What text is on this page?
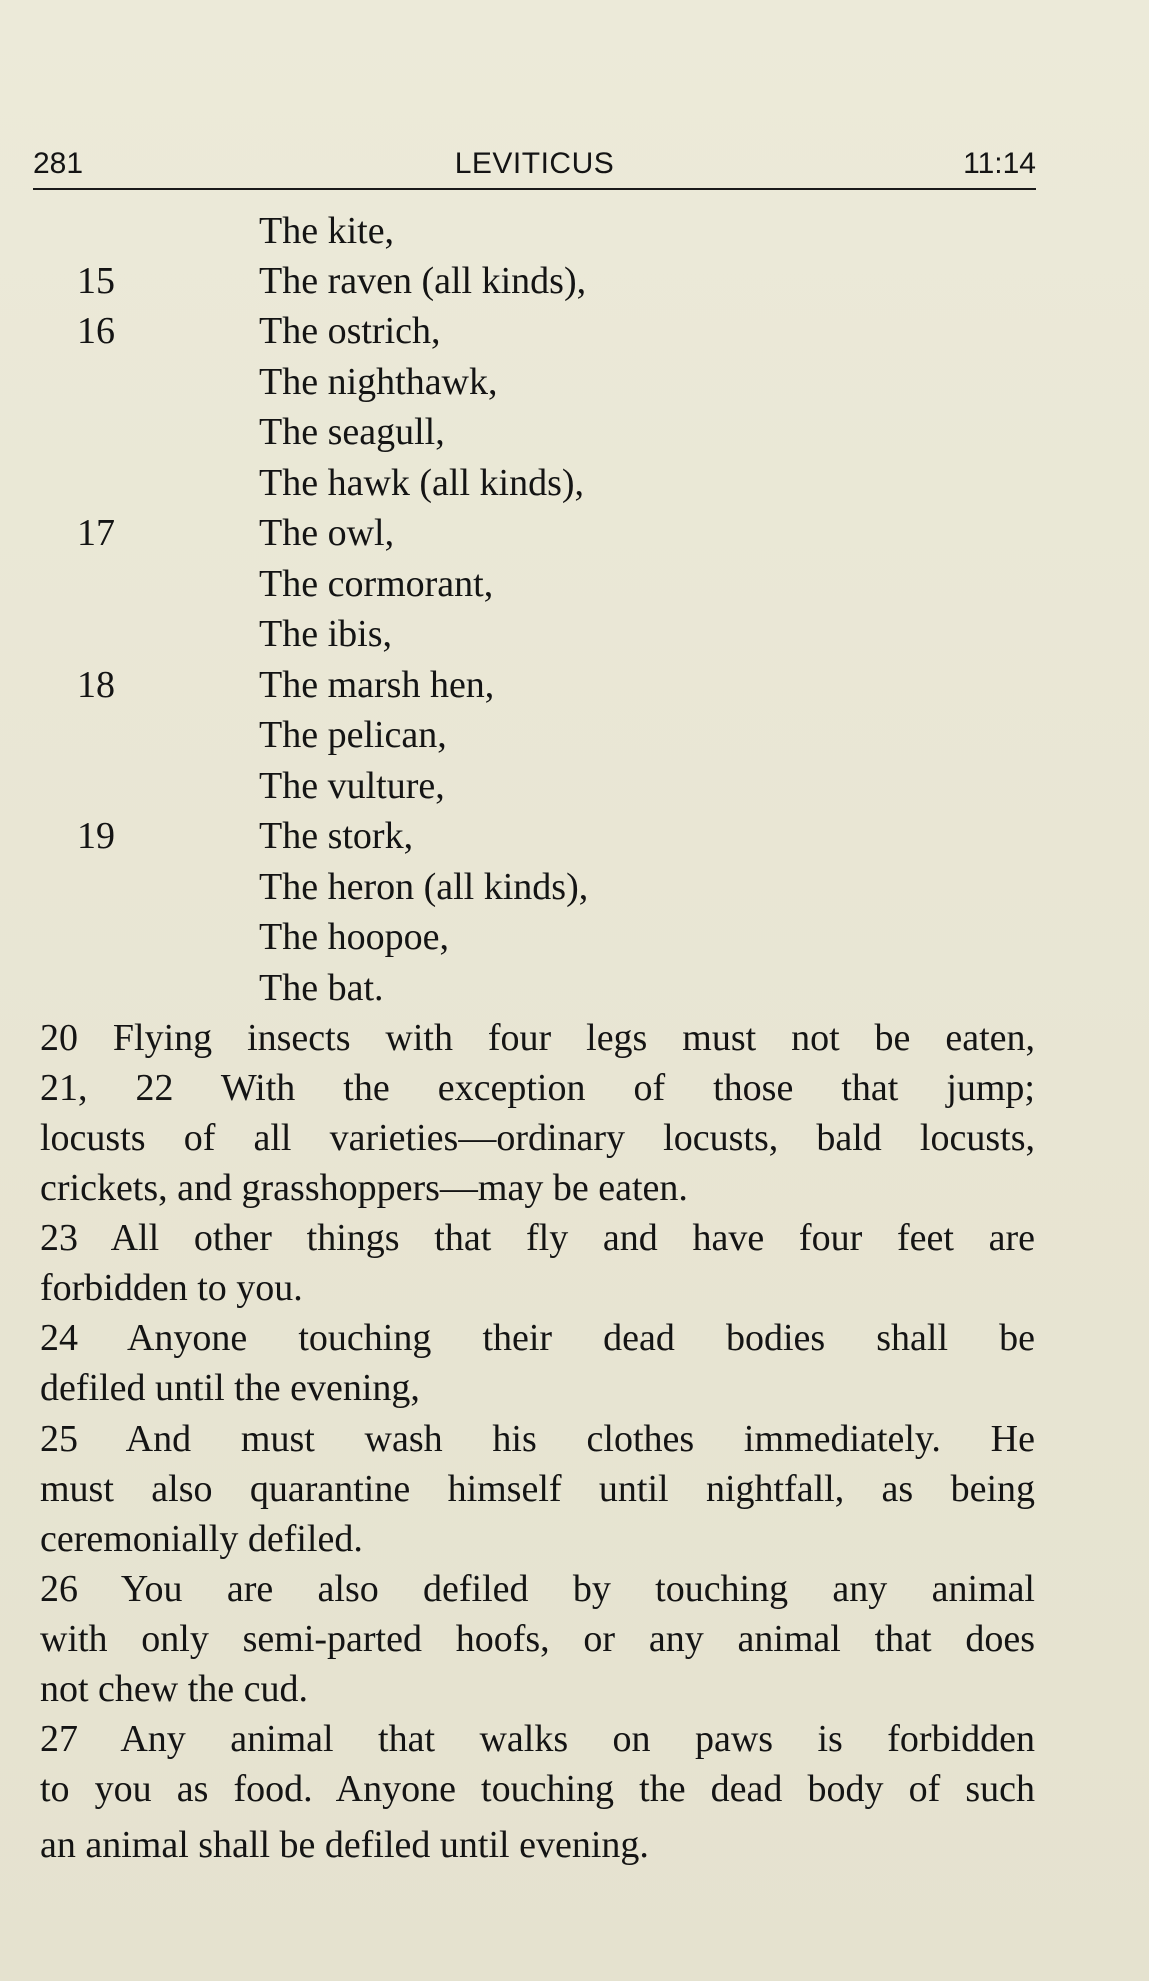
281	LEVITICUS	11:14
The kite,
15	The raven (all kinds),
16	The ostrich,
The nighthawk,
The seagull,
The hawk (all kinds),
17	The owl,
The cormorant,
The ibis,
18	The marsh hen,
The pelican,
The vulture,
19	The stork,
The heron (all kinds),
The hoopoe,
The bat.
20 Flying insects with four legs must not be eaten,
21, 22 With the exception of those that jump;
locusts of all varieties—ordinary locusts, bald locusts,
crickets, and grasshoppers—may be eaten.
23 All other things that fly and have four feet are
forbidden to you.
24 Anyone touching their dead bodies shall be
defiled until the evening,
25 And must wash his clothes immediately. He
must also quarantine himself until nightfall, as being
ceremonially defiled.
26 You are also defiled by touching any animal
with only semi-parted hoofs, or any animal that does
not chew the cud.
27 Any animal that walks on paws is forbidden
to you as food. Anyone touching the dead body of such
an animal shall be defiled until evening.
